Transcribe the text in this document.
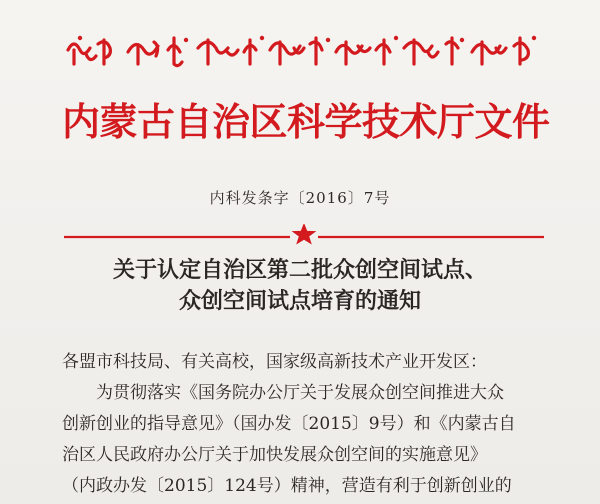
内蒙古自治区科学技术厅文件
内科发条字〔2016〕7号
关于认定自治区第二批众创空间试点、
众创空间试点培育的通知
各盟市科技局、有关高校，国家级高新技术产业开发区：
为贯彻落实《国务院办公厅关于发展众创空间推进大众
创新创业的指导意见》（国办发〔2015〕9号）和《内蒙古自
治区人民政府办公厅关于加快发展众创空间的实施意见》
（内政办发〔2015〕124号）精神，营造有利于创新创业的
